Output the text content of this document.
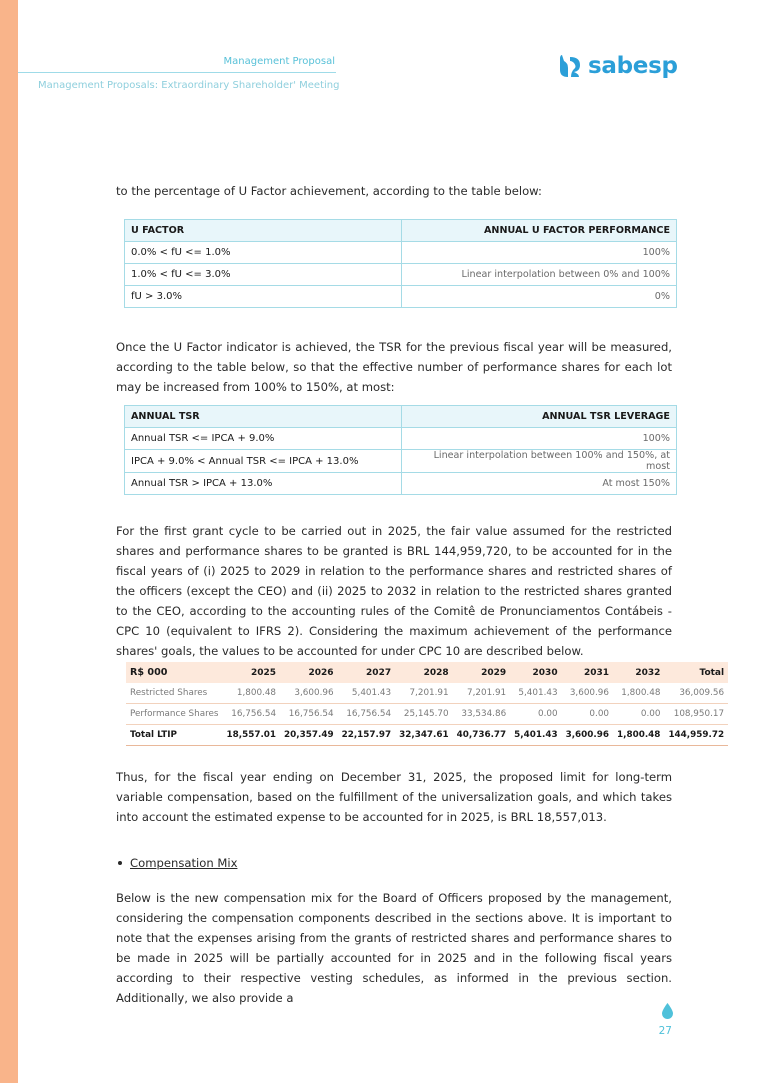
Management Proposal
Management Proposals: Extraordinary Shareholder' Meeting
sabesp
to the percentage of U Factor achievement, according to the table below:
U FACTOR	ANNUAL U FACTOR PERFORMANCE
0.0% < fU <= 1.0%	100%
1.0% < fU <= 3.0%	Linear interpolation between 0% and 100%
fU > 3.0%	0%
Once the U Factor indicator is achieved, the TSR for the previous fiscal year will be measured, according to the table below, so that the effective number of performance shares for each lot may be increased from 100% to 150%, at most:
ANNUAL TSR	ANNUAL TSR LEVERAGE
Annual TSR <= IPCA + 9.0%	100%
IPCA + 9.0% < Annual TSR <= IPCA + 13.0%	Linear interpolation between 100% and 150%, at most
Annual TSR > IPCA + 13.0%	At most 150%
For the first grant cycle to be carried out in 2025, the fair value assumed for the restricted shares and performance shares to be granted is BRL 144,959,720, to be accounted for in the fiscal years of (i) 2025 to 2029 in relation to the performance shares and restricted shares of the officers (except the CEO) and (ii) 2025 to 2032 in relation to the restricted shares granted to the CEO, according to the accounting rules of the Comitê de Pronunciamentos Contábeis - CPC 10 (equivalent to IFRS 2). Considering the maximum achievement of the performance shares' goals, the values to be accounted for under CPC 10 are described below.
R$ 000	2025	2026	2027	2028	2029	2030	2031	2032	Total
Restricted Shares	1,800.48	3,600.96	5,401.43	7,201.91	7,201.91	5,401.43	3,600.96	1,800.48	36,009.56
Performance Shares	16,756.54	16,756.54	16,756.54	25,145.70	33,534.86	0.00	0.00	0.00	108,950.17
Total LTIP	18,557.01	20,357.49	22,157.97	32,347.61	40,736.77	5,401.43	3,600.96	1,800.48	144,959.72
Thus, for the fiscal year ending on December 31, 2025, the proposed limit for long-term variable compensation, based on the fulfillment of the universalization goals, and which takes into account the estimated expense to be accounted for in 2025, is BRL 18,557,013.
Compensation Mix
Below is the new compensation mix for the Board of Officers proposed by the management, considering the compensation components described in the sections above. It is important to note that the expenses arising from the grants of restricted shares and performance shares to be made in 2025 will be partially accounted for in 2025 and in the following fiscal years according to their respective vesting schedules, as informed in the previous section. Additionally, we also provide a
27
